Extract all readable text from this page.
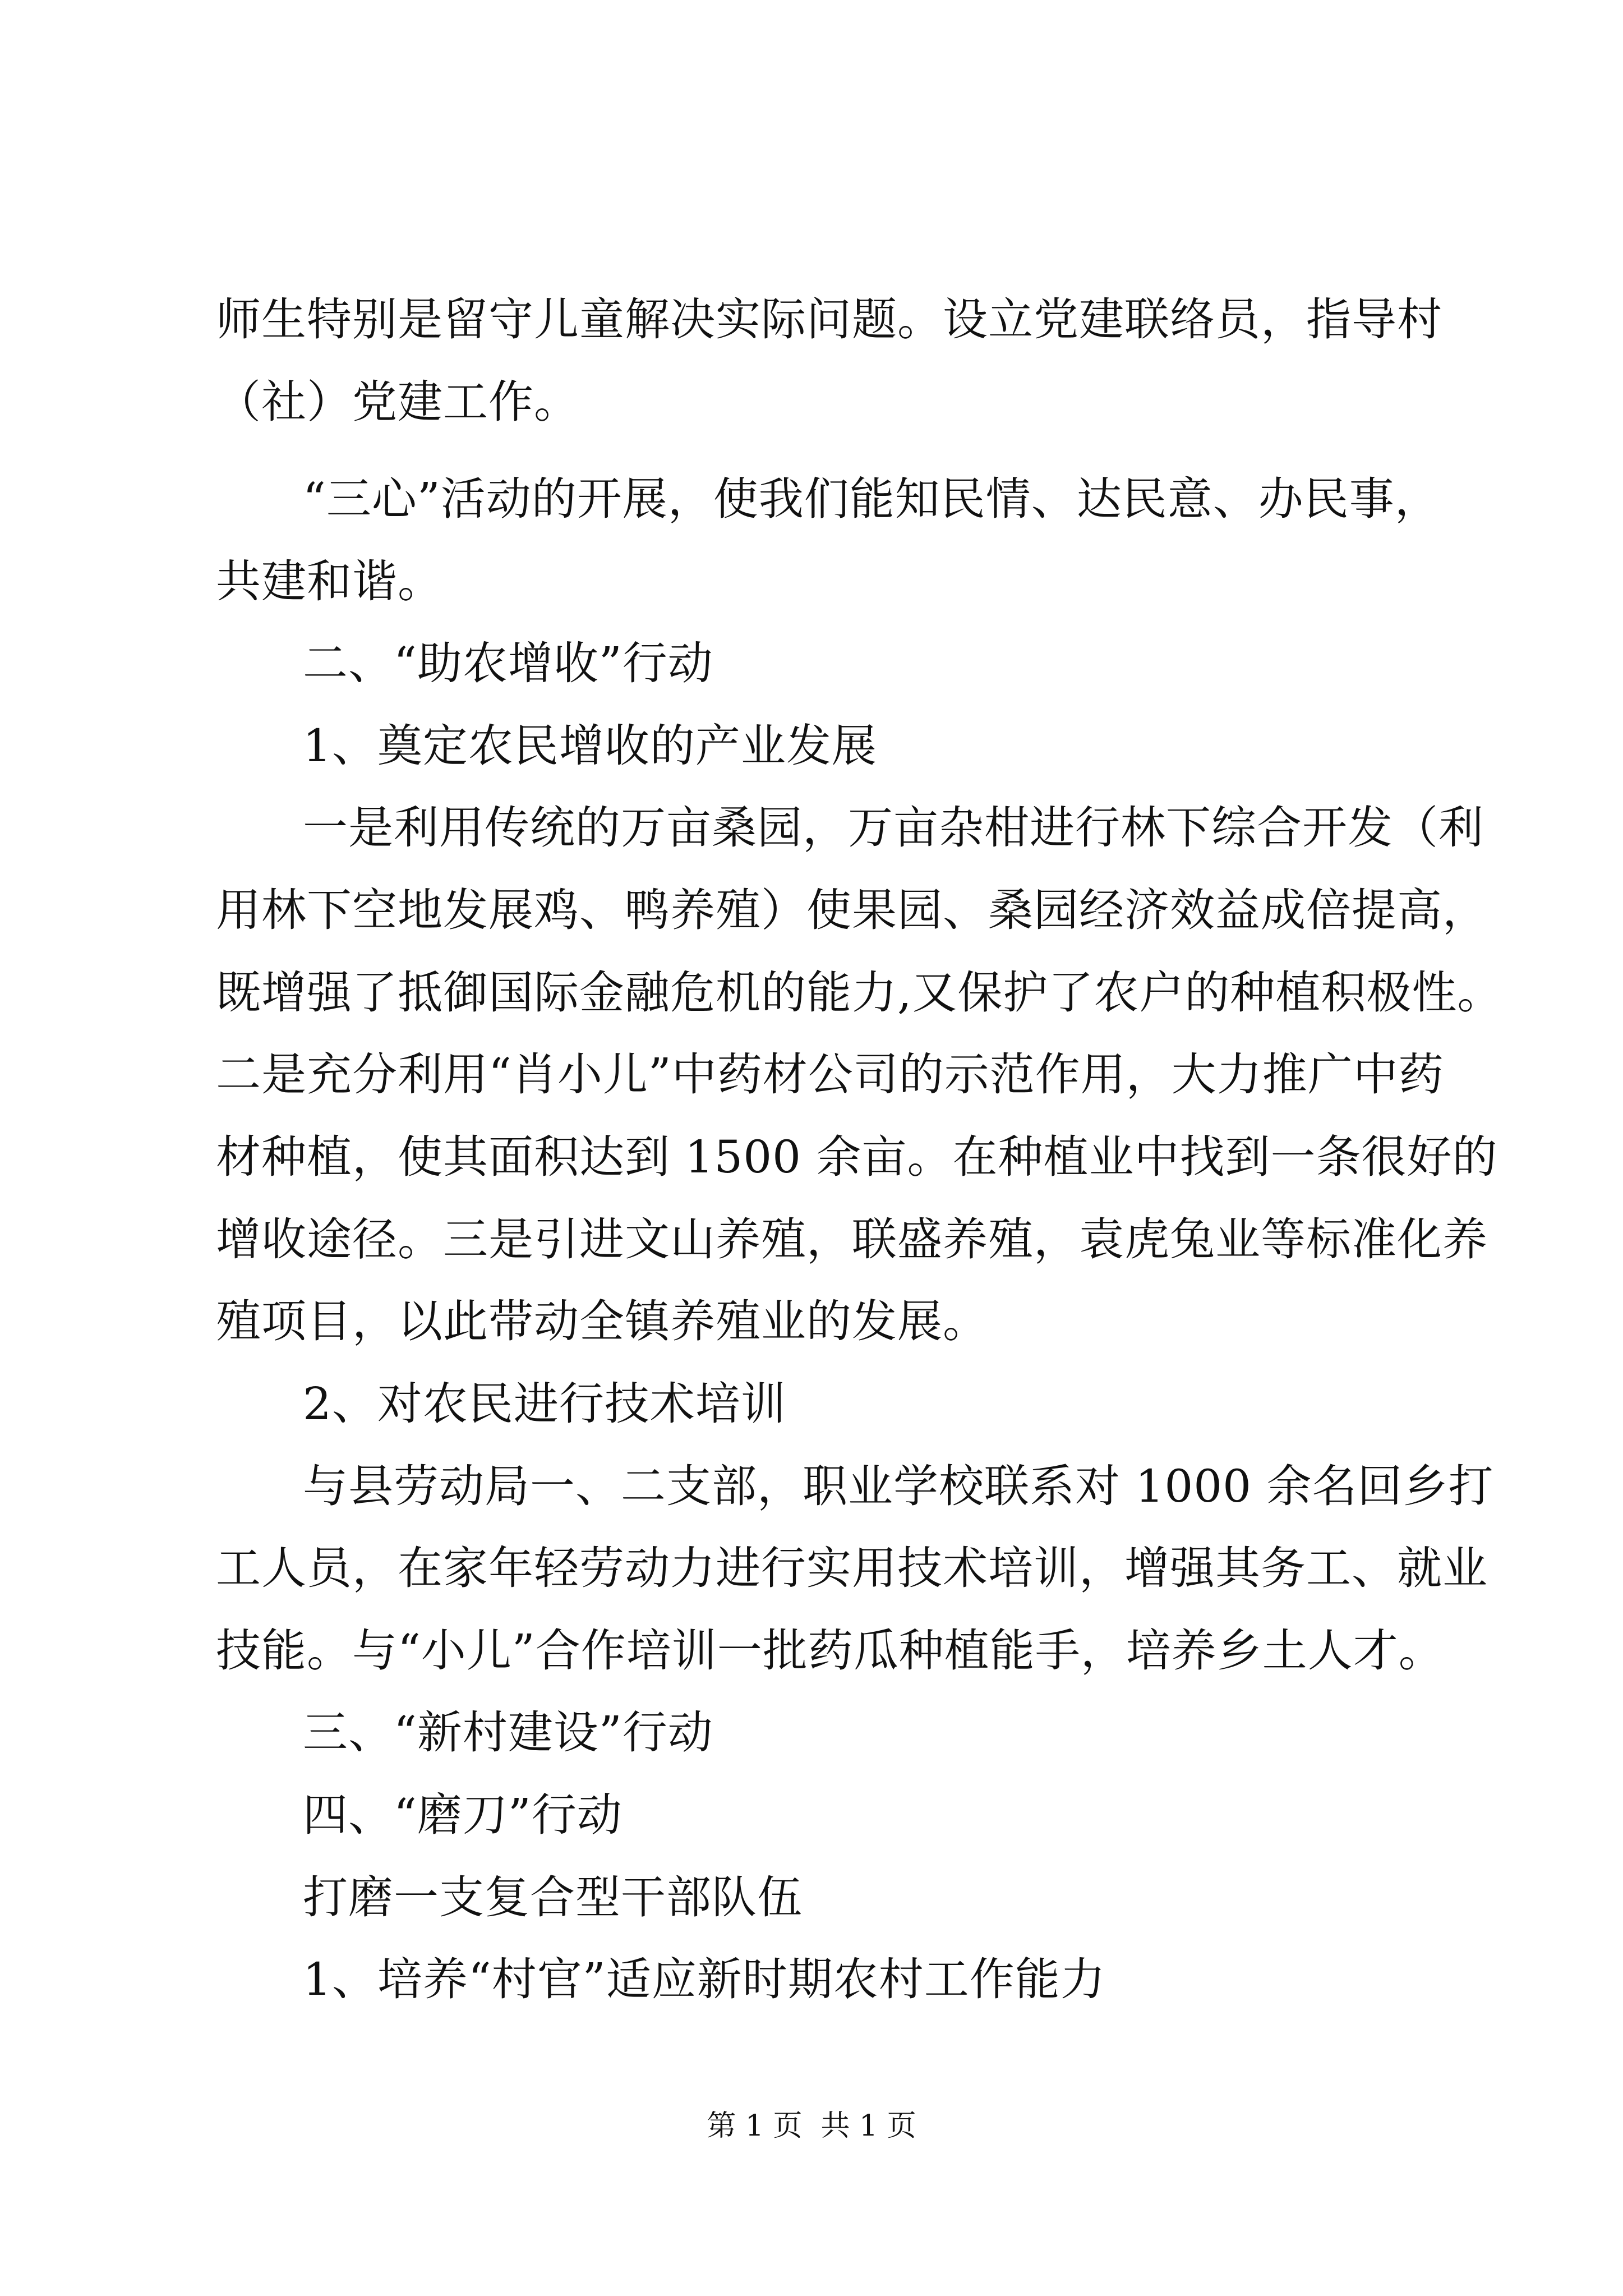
师生特别是留守儿童解决实际问题。设立党建联络员，指导村
（社）党建工作。
“三心”活动的开展，使我们能知民情、达民意、办民事，
共建和谐。
二、“助农增收”行动
1、奠定农民增收的产业发展
一是利用传统的万亩桑园，万亩杂柑进行林下综合开发（利
用林下空地发展鸡、鸭养殖）使果园、桑园经济效益成倍提高，
既增强了抵御国际金融危机的能力,又保护了农户的种植积极性。
二是充分利用“肖小儿”中药材公司的示范作用，大力推广中药
材种植，使其面积达到 1500 余亩。在种植业中找到一条很好的
增收途径。三是引进文山养殖，联盛养殖，袁虎兔业等标准化养
殖项目，以此带动全镇养殖业的发展。
2、对农民进行技术培训
与县劳动局一、二支部，职业学校联系对 1000 余名回乡打
工人员，在家年轻劳动力进行实用技术培训，增强其务工、就业
技能。与“小儿”合作培训一批药瓜种植能手，培养乡土人才。
三、“新村建设”行动
四、“磨刀”行动
打磨一支复合型干部队伍
1、培养“村官”适应新时期农村工作能力
第 1 页  共 1 页
